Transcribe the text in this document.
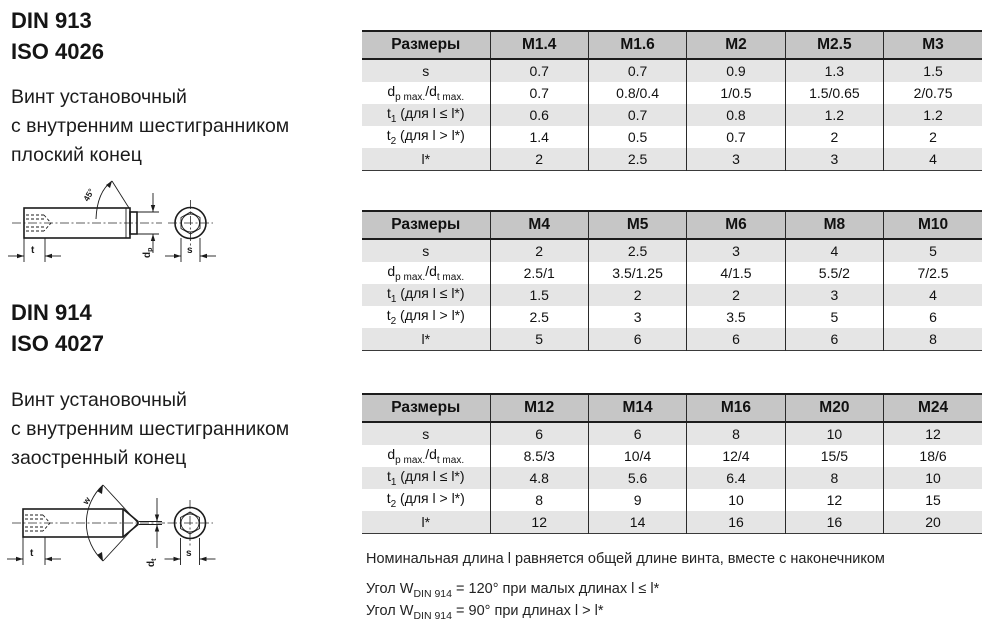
DIN 913
ISO 4026
Винт установочный
с внутренним шестигранником
плоский конец
45°
t	$d_p$	s
DIN 914
ISO 4027
Винт установочный
с внутренним шестигранником
заостренный конец
w
t
$d_t$
s
Размеры	M1.4	M1.6	M2	M2.5	M3
s	0.7	0.7	0.9	1.3	1.5
$d_{p max.}/d_{t max.}$	0.7	0.8/0.4	1/0.5	1.5/0.65	2/0.75
$t_1$ (для l ≤ l*)	0.6	0.7	0.8	1.2	1.2
$t_2$ (для l > l*)	1.4	0.5	0.7	2	2
l*	2	2.5	3	3	4
Размеры	M4	M5	M6	M8	M10
s	2	2.5	3	4	5
$d_{p max.}/d_{t max.}$	2.5/1	3.5/1.25	4/1.5	5.5/2	7/2.5
$t_1$ (для l ≤ l*)	1.5	2	2	3	4
$t_2$ (для l > l*)	2.5	3	3.5	5	6
l*	5	6	6	6	8
Размеры	M12	M14	M16	M20	M24
s	6	6	8	10	12
$d_{p max.}/d_{t max.}$	8.5/3	10/4	12/4	15/5	18/6
$t_1$ (для l ≤ l*)	4.8	5.6	6.4	8	10
$t_2$ (для l > l*)	8	9	10	12	15
l*	12	14	16	16	20
Номинальная длина l равняется общей длине винта, вместе с наконечником
Угол $W_{DIN 914} = 120^\circ$ при малых длинах l ≤ l*
Угол $W_{DIN 914} = 90^\circ$ при длинах l > l*
